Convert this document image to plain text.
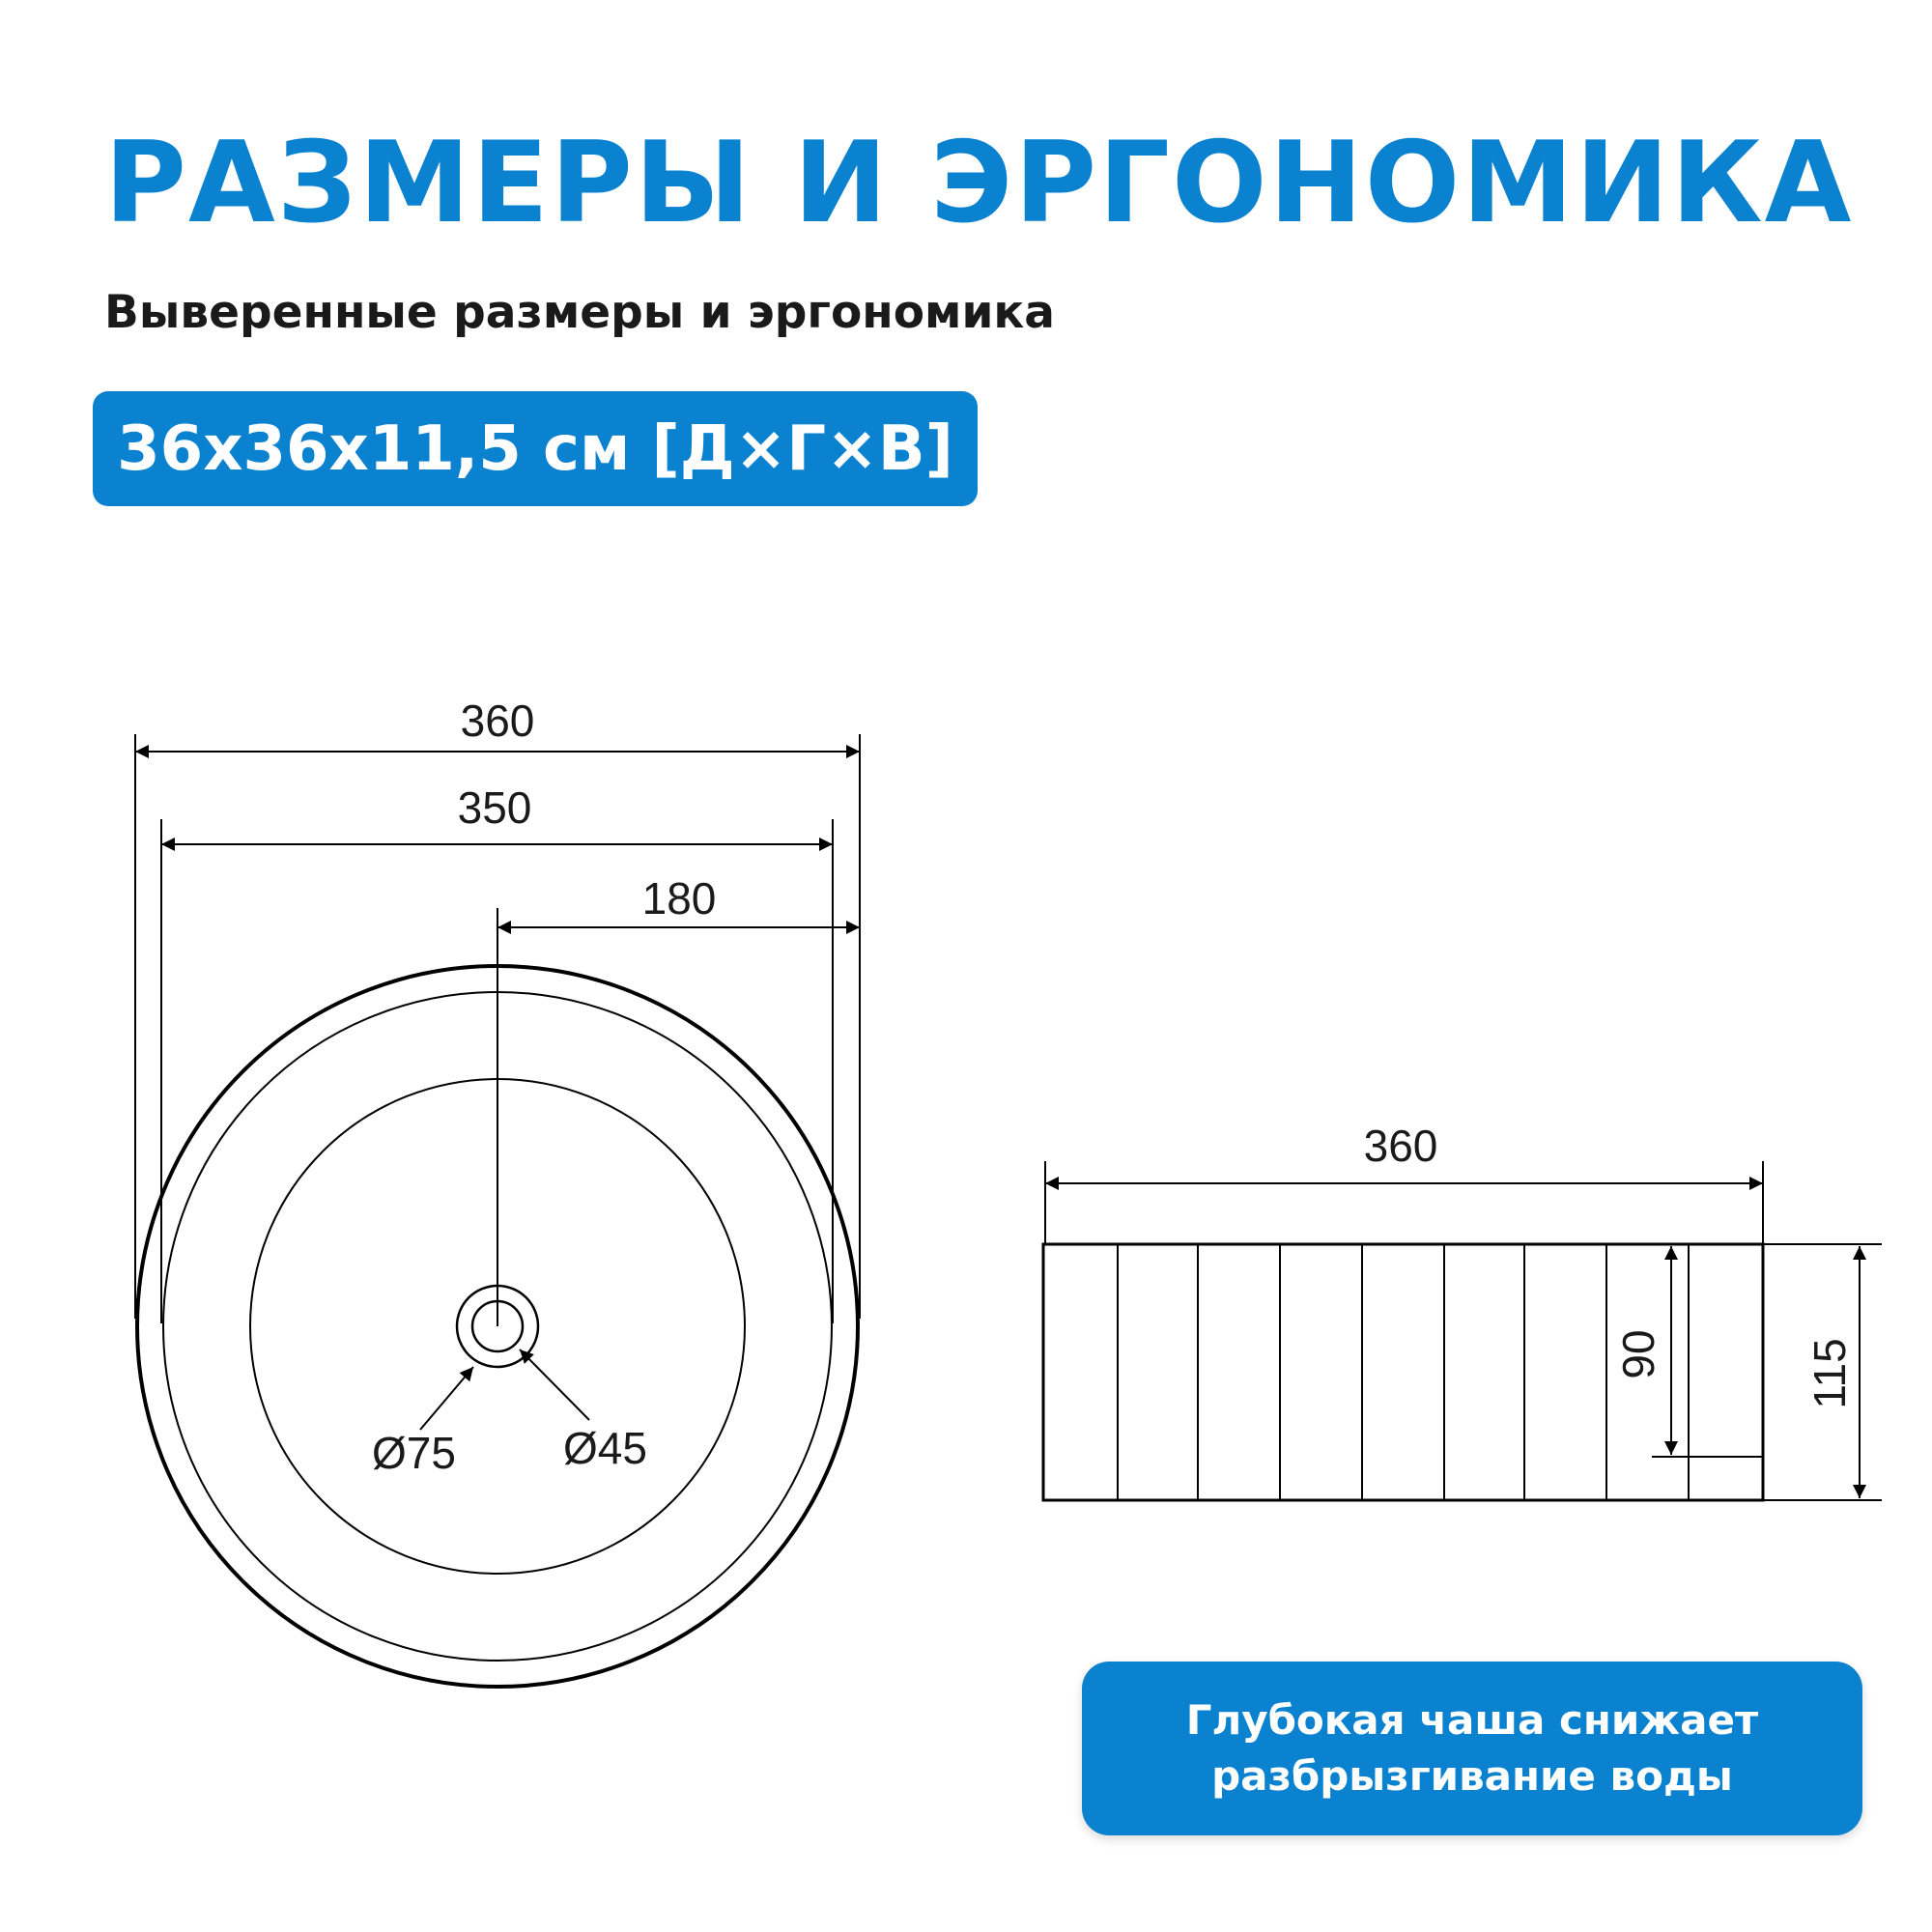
РАЗМЕРЫ И ЭРГОНОМИКА
Выверенные размеры и эргономика
36x36x11,5 см [Д×Г×В]
360
350
180
Ø75 Ø45
360
90	115
Глубокая чаша снижает
разбрызгивание воды
